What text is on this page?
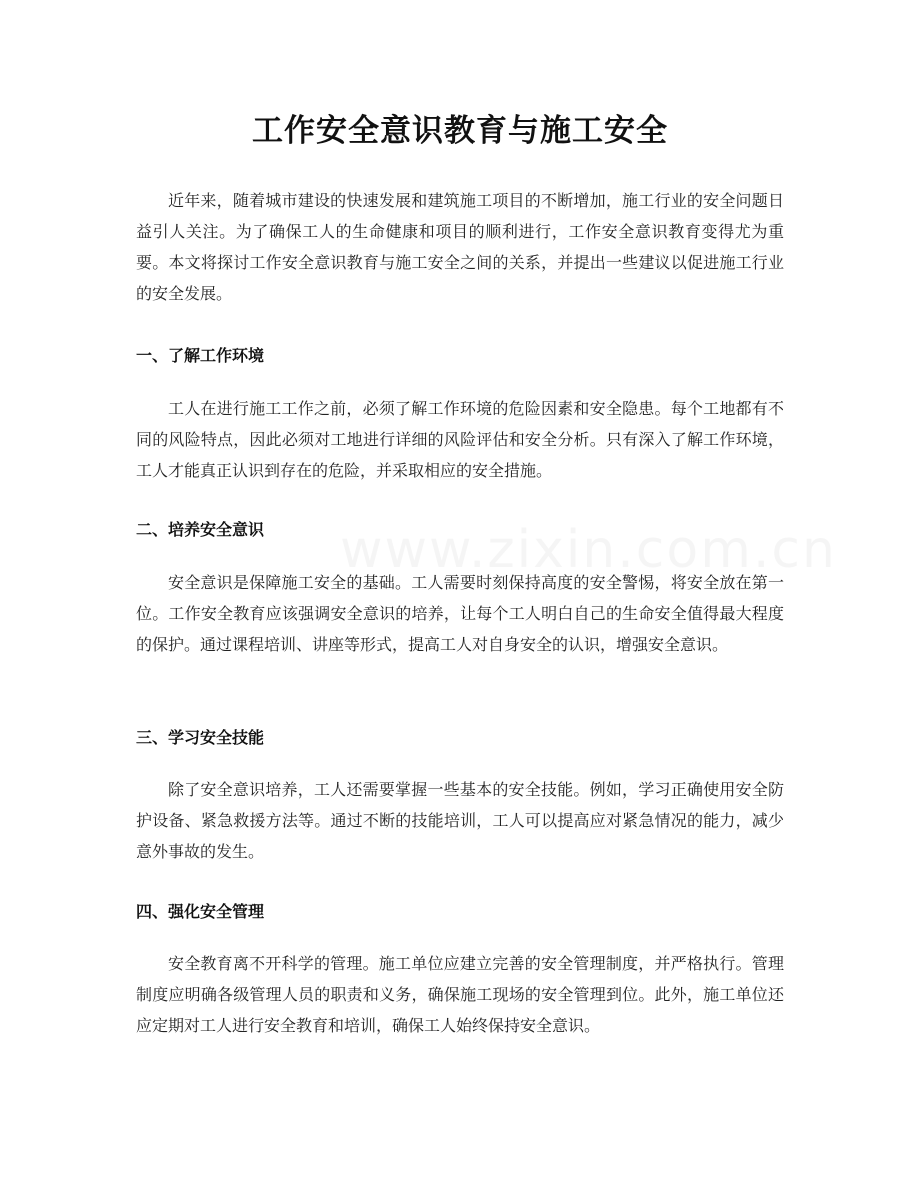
www.zixin.com.cn
工作安全意识教育与施工安全

近年来，随着城市建设的快速发展和建筑施工项目的不断增加，施工行业的安全问题日益引人关注。为了确保工人的生命健康和项目的顺利进行，工作安全意识教育变得尤为重要。本文将探讨工作安全意识教育与施工安全之间的关系，并提出一些建议以促进施工行业的安全发展。

一、了解工作环境

工人在进行施工工作之前，必须了解工作环境的危险因素和安全隐患。每个工地都有不同的风险特点，因此必须对工地进行详细的风险评估和安全分析。只有深入了解工作环境，工人才能真正认识到存在的危险，并采取相应的安全措施。

二、培养安全意识

安全意识是保障施工安全的基础。工人需要时刻保持高度的安全警惕，将安全放在第一位。工作安全教育应该强调安全意识的培养，让每个工人明白自己的生命安全值得最大程度的保护。通过课程培训、讲座等形式，提高工人对自身安全的认识，增强安全意识。

三、学习安全技能

除了安全意识培养，工人还需要掌握一些基本的安全技能。例如，学习正确使用安全防护设备、紧急救援方法等。通过不断的技能培训，工人可以提高应对紧急情况的能力，减少意外事故的发生。

四、强化安全管理

安全教育离不开科学的管理。施工单位应建立完善的安全管理制度，并严格执行。管理制度应明确各级管理人员的职责和义务，确保施工现场的安全管理到位。此外，施工单位还应定期对工人进行安全教育和培训，确保工人始终保持安全意识。
